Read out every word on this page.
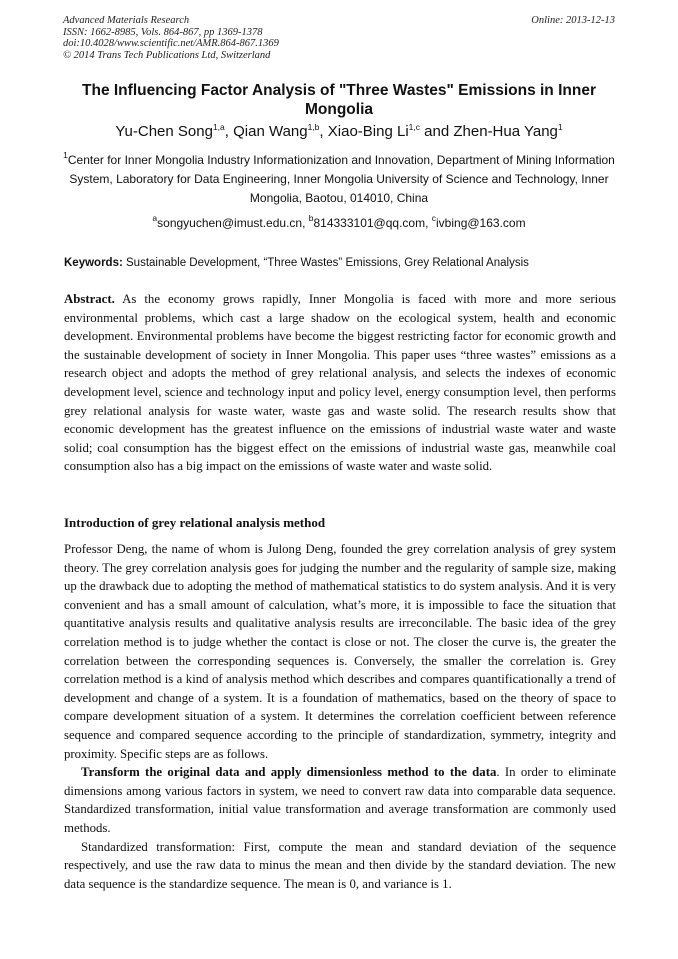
Advanced Materials Research
ISSN: 1662-8985, Vols. 864-867, pp 1369-1378
doi:10.4028/www.scientific.net/AMR.864-867.1369
© 2014 Trans Tech Publications Ltd, Switzerland
Online: 2013-12-13
The Influencing Factor Analysis of "Three Wastes" Emissions in Inner Mongolia
Yu-Chen Song$^{1,a}$, Qian Wang$^{1,b}$, Xiao-Bing Li$^{1,c}$ and Zhen-Hua Yang$^1$
$^1$Center for Inner Mongolia Industry Informationization and Innovation, Department of Mining Information System, Laboratory for Data Engineering, Inner Mongolia University of Science and Technology, Inner Mongolia, Baotou, 014010, China
$^a$songyuchen@imust.edu.cn, $^b$814333101@qq.com, $^c$ivbing@163.com
Keywords: Sustainable Development, “Three Wastes” Emissions, Grey Relational Analysis
Abstract. As the economy grows rapidly, Inner Mongolia is faced with more and more serious environmental problems, which cast a large shadow on the ecological system, health and economic development. Environmental problems have become the biggest restricting factor for economic growth and the sustainable development of society in Inner Mongolia. This paper uses “three wastes” emissions as a research object and adopts the method of grey relational analysis, and selects the indexes of economic development level, science and technology input and policy level, energy consumption level, then performs grey relational analysis for waste water, waste gas and waste solid. The research results show that economic development has the greatest influence on the emissions of industrial waste water and waste solid; coal consumption has the biggest effect on the emissions of industrial waste gas, meanwhile coal consumption also has a big impact on the emissions of waste water and waste solid.
Introduction of grey relational analysis method

Professor Deng, the name of whom is Julong Deng, founded the grey correlation analysis of grey system theory. The grey correlation analysis goes for judging the number and the regularity of sample size, making up the drawback due to adopting the method of mathematical statistics to do system analysis. And it is very convenient and has a small amount of calculation, what’s more, it is impossible to face the situation that quantitative analysis results and qualitative analysis results are irreconcilable. The basic idea of the grey correlation method is to judge whether the contact is close or not. The closer the curve is, the greater the correlation between the corresponding sequences is. Conversely, the smaller the correlation is. Grey correlation method is a kind of analysis method which describes and compares quantificationally a trend of development and change of a system. It is a foundation of mathematics, based on the theory of space to compare development situation of a system. It determines the correlation coefficient between reference sequence and compared sequence according to the principle of standardization, symmetry, integrity and proximity. Specific steps are as follows.

Transform the original data and apply dimensionless method to the data. In order to eliminate dimensions among various factors in system, we need to convert raw data into comparable data sequence. Standardized transformation, initial value transformation and average transformation are commonly used methods.

Standardized transformation: First, compute the mean and standard deviation of the sequence respectively, and use the raw data to minus the mean and then divide by the standard deviation. The new data sequence is the standardize sequence. The mean is 0, and variance is 1.
